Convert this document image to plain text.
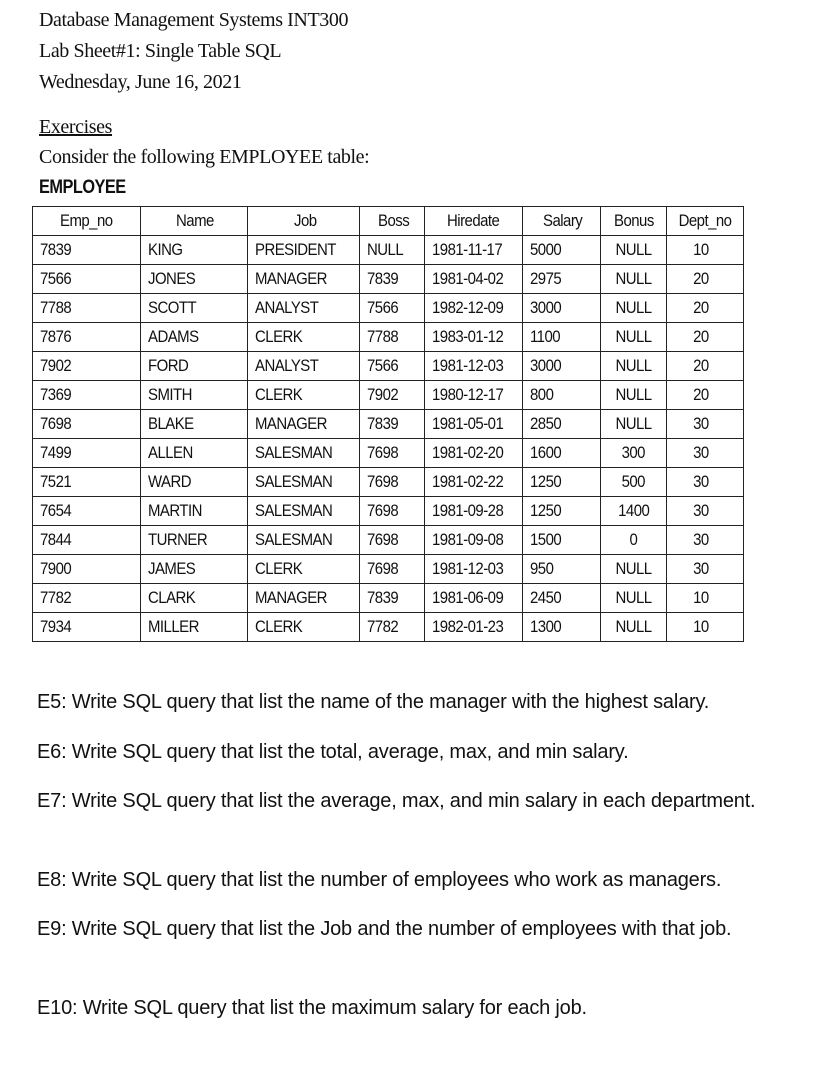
Database Management Systems INT300
Lab Sheet#1: Single Table SQL
Wednesday, June 16, 2021
Exercises
Consider the following EMPLOYEE table:
EMPLOYEE
Emp_no	Name	Job	Boss	Hiredate	Salary	Bonus	Dept_no
7839	KING	PRESIDENT	NULL	1981-11-17	5000	NULL	10
7566	JONES	MANAGER	7839	1981-04-02	2975	NULL	20
7788	SCOTT	ANALYST	7566	1982-12-09	3000	NULL	20
7876	ADAMS	CLERK	7788	1983-01-12	1100	NULL	20
7902	FORD	ANALYST	7566	1981-12-03	3000	NULL	20
7369	SMITH	CLERK	7902	1980-12-17	800	NULL	20
7698	BLAKE	MANAGER	7839	1981-05-01	2850	NULL	30
7499	ALLEN	SALESMAN	7698	1981-02-20	1600	300	30
7521	WARD	SALESMAN	7698	1981-02-22	1250	500	30
7654	MARTIN	SALESMAN	7698	1981-09-28	1250	1400	30
7844	TURNER	SALESMAN	7698	1981-09-08	1500	0	30
7900	JAMES	CLERK	7698	1981-12-03	950	NULL	30
7782	CLARK	MANAGER	7839	1981-06-09	2450	NULL	10
7934	MILLER	CLERK	7782	1982-01-23	1300	NULL	10
E5: Write SQL query that list the name of the manager with the highest salary.
E6: Write SQL query that list the total, average, max, and min salary.
E7: Write SQL query that list the average, max, and min salary in each department.
E8: Write SQL query that list the number of employees who work as managers.
E9: Write SQL query that list the Job and the number of employees with that job.
E10: Write SQL query that list the maximum salary for each job.
